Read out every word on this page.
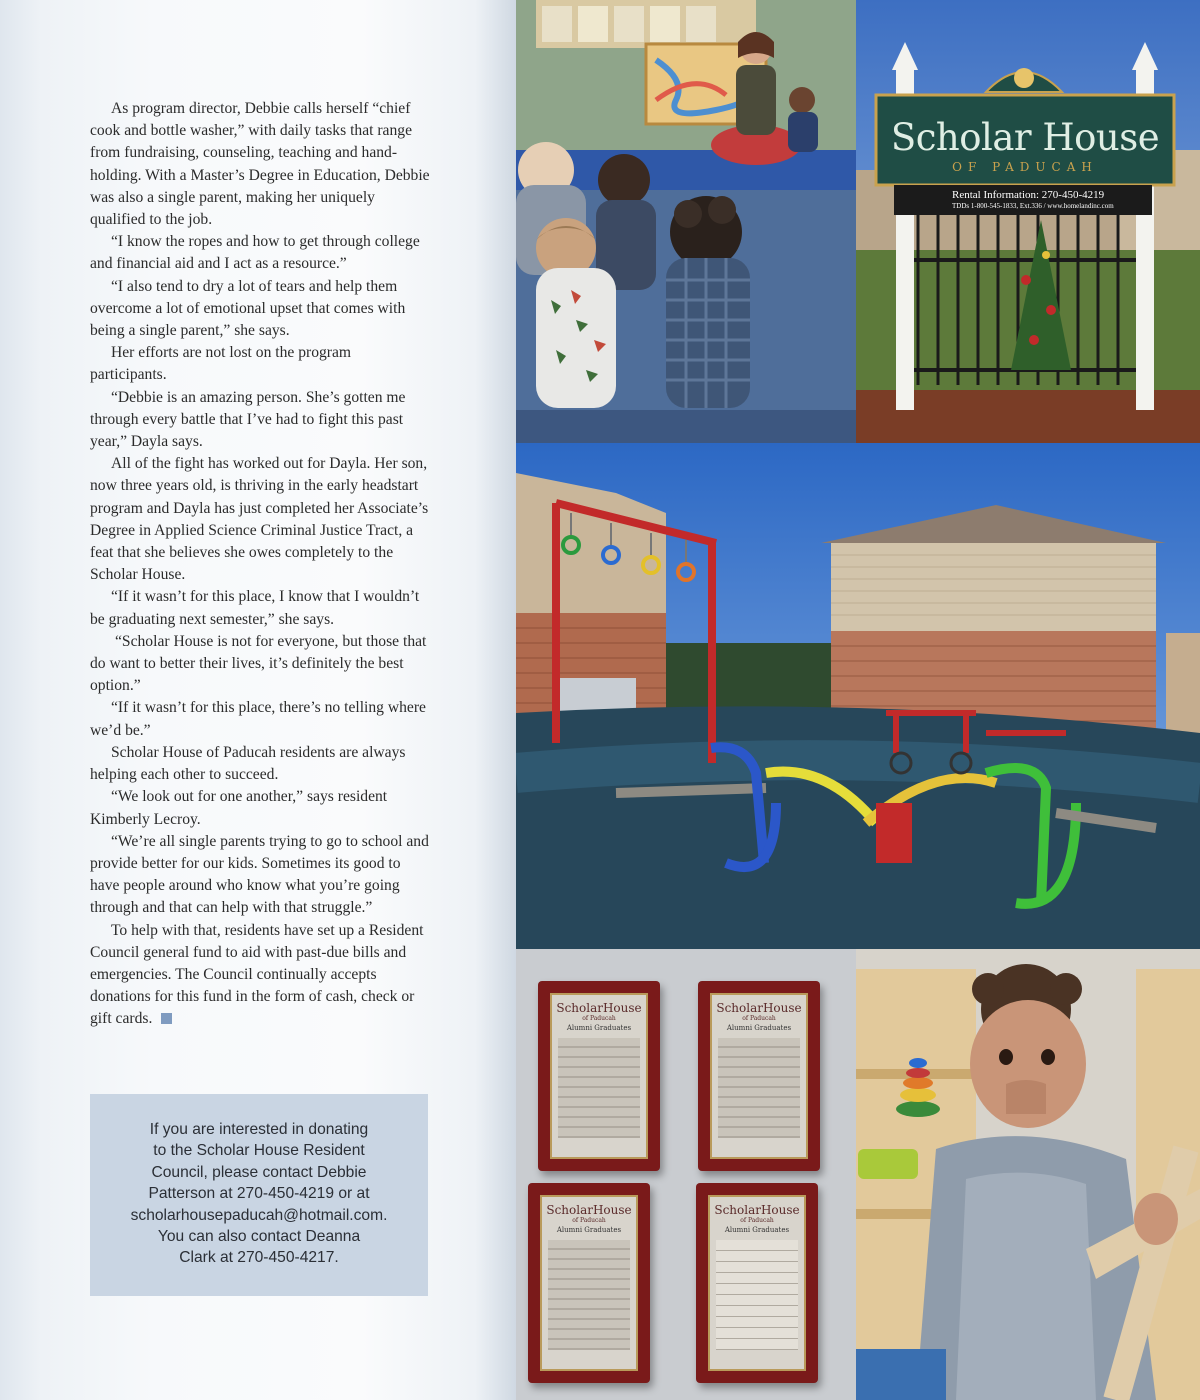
As program director, Debbie calls herself “chief cook and bottle washer,” with daily tasks that range from fundraising, counseling, teaching and hand-holding. With a Master’s Degree in Education, Debbie was also a single parent, making her uniquely qualified to the job.

“I know the ropes and how to get through college and financial aid and I act as a resource.”

“I also tend to dry a lot of tears and help them overcome a lot of emotional upset that comes with being a single parent,” she says.

Her efforts are not lost on the program participants.

“Debbie is an amazing person. She’s gotten me through every battle that I’ve had to fight this past year,” Dayla says.

All of the fight has worked out for Dayla. Her son, now three years old, is thriving in the early headstart program and Dayla has just completed her Associate’s Degree in Applied Science Criminal Justice Tract, a feat that she believes she owes completely to the Scholar House.

“If it wasn’t for this place, I know that I wouldn’t be graduating next semester,” she says.

“Scholar House is not for everyone, but those that do want to better their lives, it’s definitely the best option.”

“If it wasn’t for this place, there’s no telling where we’d be.”

Scholar House of Paducah residents are always helping each other to succeed.

“We look out for one another,” says resident Kimberly Lecroy.

“We’re all single parents trying to go to school and provide better for our kids. Sometimes its good to have people around who know what you’re going through and that can help with that struggle.”

To help with that, residents have set up a Resident Council general fund to aid with past-due bills and emergencies. The Council continually accepts donations for this fund in the form of cash, check or gift cards.

If you are interested in donating
to the Scholar House Resident
Council, please contact Debbie
Patterson at 270-450-4219 or at
scholarhousepaducah@hotmail.com.
You can also contact Deanna
Clark at 270-450-4217.
Scholar House
OF PADUCAH
Rental Information: 270-450-4219
TDDs 1-800-545-1833, Ext.336 / www.homelandinc.com
ScholarHouse
of Paducah
Alumni Graduates
ScholarHouse
of Paducah
Alumni Graduates
ScholarHouse
of Paducah
Alumni Graduates
ScholarHouse
of Paducah
Alumni Graduates
